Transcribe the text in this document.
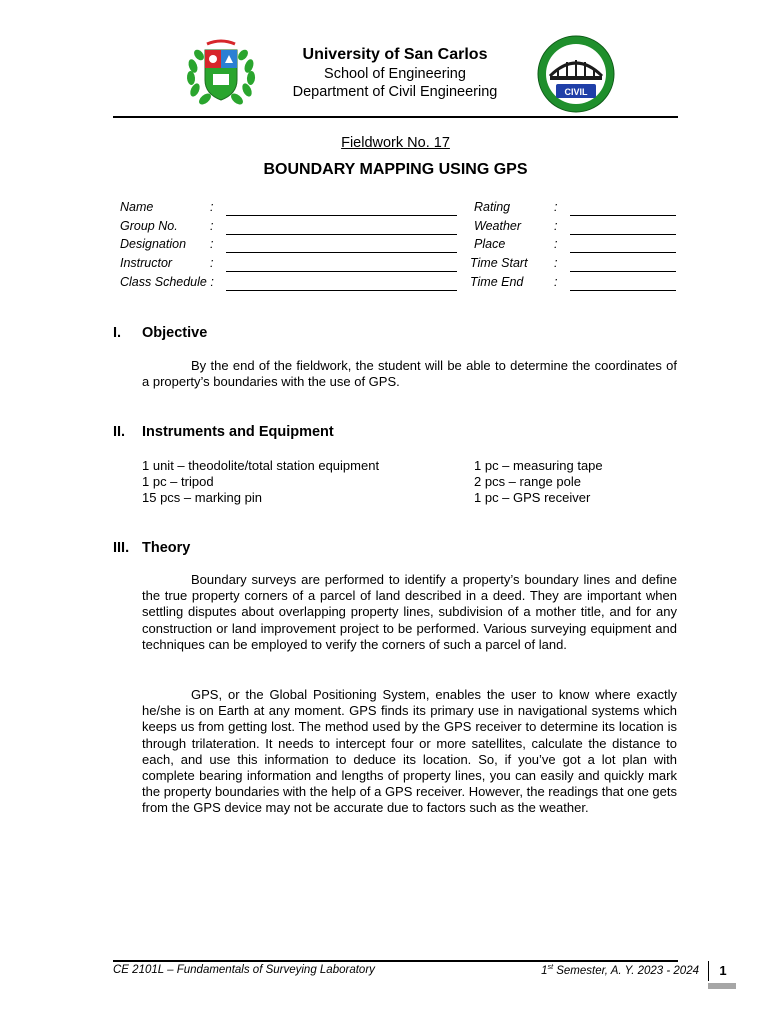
University of San Carlos
School of Engineering
Department of Civil Engineering	CIVIL
Fieldwork No. 17
BOUNDARY MAPPING USING GPS
Name	:	Rating	:
Group No.	:	Weather	:
Designation :	Place	:
Instructor	:	Time Start :
Class Schedule :	Time End :
I. Objective

By the end of the fieldwork, the student will be able to determine the coordinates of a property’s boundaries with the use of GPS.

II. Instruments and Equipment
1 unit – theodolite/total station equipment	1 pc – measuring tape
1 pc – tripod	2 pcs – range pole
15 pcs – marking pin	1 pc – GPS receiver
III. Theory

Boundary surveys are performed to identify a property’s boundary lines and define the true property corners of a parcel of land described in a deed. They are important when settling disputes about overlapping property lines, subdivision of a mother title, and for any construction or land improvement project to be performed. Various surveying equipment and techniques can be employed to verify the corners of such a parcel of land.

GPS, or the Global Positioning System, enables the user to know where exactly he/she is on Earth at any moment. GPS finds its primary use in navigational systems which keeps us from getting lost. The method used by the GPS receiver to determine its location is through trilateration. It needs to intercept four or more satellites, calculate the distance to each, and use this information to deduce its location. So, if you’ve got a lot plan with complete bearing information and lengths of property lines, you can easily and quickly mark the property boundaries with the help of a GPS receiver. However, the readings that one gets from the GPS device may not be accurate due to factors such as the weather.

CE 2101L – Fundamentals of Surveying Laboratory	1st Semester, A. Y. 2023 - 2024	1
